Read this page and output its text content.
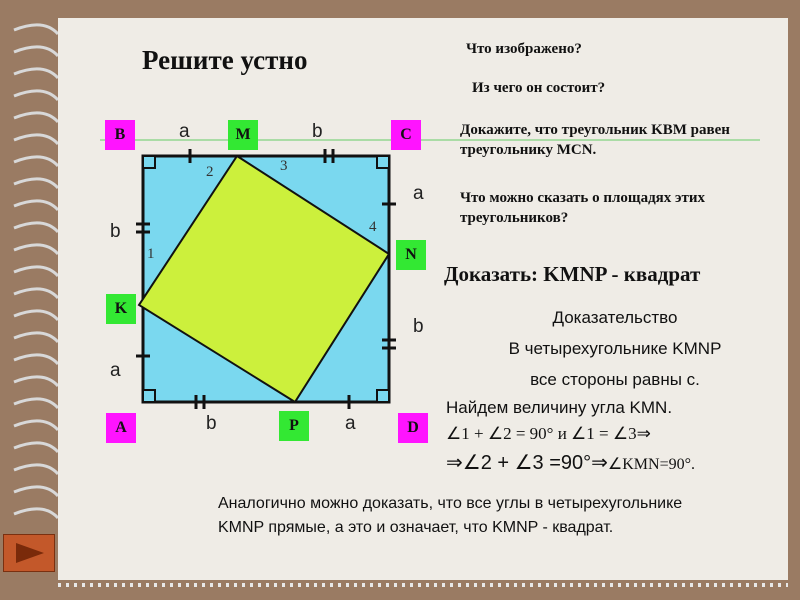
Решите устно	Что изображено?
Из чего он состоит?
Докажите, что треугольник KBM равен треугольнику MCN.
Что можно сказать о площадях этих треугольников?
Доказать: KMNP - квадрат
Доказательство
В четырехугольнике KMNP
все стороны равны с.
Найдем величину угла KMN.
∠1 + ∠2 = 90° и ∠1 = ∠3⇒
⇒∠2 + ∠3 =90°⇒∠KMN=90°.
Аналогично можно доказать, что все углы в четырехугольнике KMNP прямые, а это и означает, что KMNP - квадрат.
B	M	C
N
K
A	P	D
a	b
a
b
b	a
b
a
1
2	3
4
